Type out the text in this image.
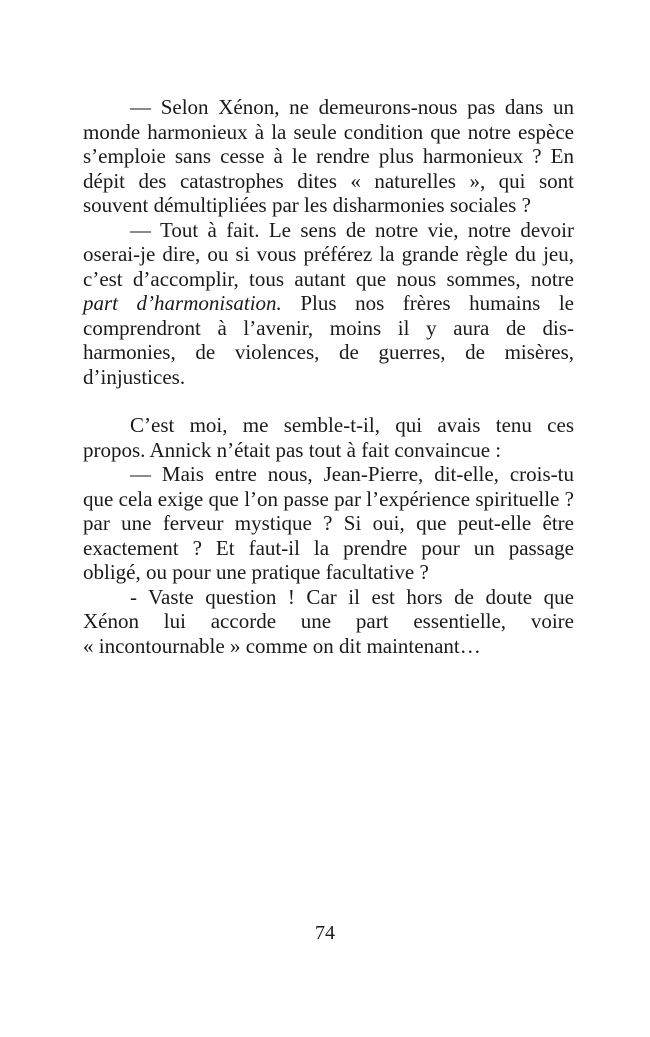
— Selon Xénon, ne demeurons-nous pas dans un
monde harmonieux à la seule condition que notre espèce
s’emploie sans cesse à le rendre plus harmonieux ? En
dépit des catastrophes dites « naturelles », qui sont
souvent démultipliées par les disharmonies sociales ?
— Tout à fait. Le sens de notre vie, notre devoir
oserai-je dire, ou si vous préférez la grande règle du jeu,
c’est d’accomplir, tous autant que nous sommes, notre
part d’harmonisation. Plus nos frères humains le
comprendront à l’avenir, moins il y aura de dis-
harmonies, de violences, de guerres, de misères,
d’injustices.
C’est moi, me semble-t-il, qui avais tenu ces
propos. Annick n’était pas tout à fait convaincue :
— Mais entre nous, Jean-Pierre, dit-elle, crois-tu
que cela exige que l’on passe par l’expérience spirituelle ?
par une ferveur mystique ? Si oui, que peut-elle être
exactement ? Et faut-il la prendre pour un passage
obligé, ou pour une pratique facultative ?
- Vaste question ! Car il est hors de doute que
Xénon lui accorde une part essentielle, voire
« incontournable » comme on dit maintenant…
74
